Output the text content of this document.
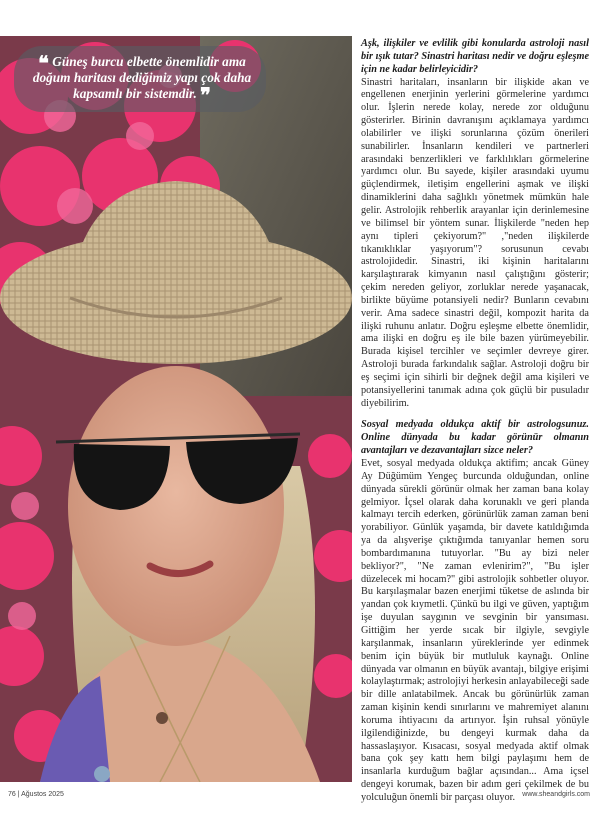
❝ Güneş burcu elbette önemlidir ama doğum haritası dediğimiz yapı çok daha kapsamlı bir sistemdir. ❞
Aşk, ilişkiler ve evlilik gibi konularda astroloji nasıl bir ışık tutar? Sinastri haritası nedir ve doğru eşleşme için ne kadar belirleyicidir?

Sinastri haritaları, insanların bir ilişkide akan ve engellenen enerjinin yerlerini görmelerine yardımcı olur. İşlerin nerede kolay, nerede zor olduğunu gösterirler. Birinin davranışını açıklamaya yardımcı olabilirler ve ilişki sorunlarına çözüm önerileri sunabilirler. İnsanların kendileri ve partnerleri arasındaki benzerlikleri ve farklılıkları görmelerine yardımcı olur. Bu sayede, kişiler arasındaki uyumu güçlendirmek, iletişim engellerini aşmak ve ilişki dinamiklerini daha sağlıklı yönetmek mümkün hale gelir. Astrolojik rehberlik arayanlar için derinlemesine ve bilimsel bir yöntem sunar. İlişkilerde "neden hep aynı tipleri çekiyorum?" ,"neden ilişkilerde tıkanıklıklar yaşıyorum"? sorusunun cevabı astrolojidedir. Sinastri, iki kişinin haritalarını karşılaştırarak kimyanın nasıl çalıştığını gösterir; çekim nereden geliyor, zorluklar nerede yaşanacak, birlikte büyüme potansiyeli nedir? Bunların cevabını verir. Ama sadece sinastri değil, kompozit harita da ilişki ruhunu anlatır. Doğru eşleşme elbette önemlidir, ama ilişki en doğru eş ile bile bazen yürümeyebilir. Burada kişisel tercihler ve seçimler devreye girer. Astroloji burada farkındalık sağlar. Astroloji doğru bir eş seçimi için sihirli bir değnek değil ama kişileri ve potansiyellerini tanımak adına çok güçlü bir pusuladır diyebilirim.

Sosyal medyada oldukça aktif bir astrologsunuz. Online dünyada bu kadar görünür olmanın avantajları ve dezavantajları sizce neler?

Evet, sosyal medyada oldukça aktifim; ancak Güney Ay Düğümüm Yengeç burcunda olduğundan, online dünyada sürekli görünür olmak her zaman bana kolay gelmiyor. İçsel olarak daha korunaklı ve geri planda kalmayı tercih ederken, görünürlük zaman zaman beni yorabiliyor. Günlük yaşamda, bir davete katıldığımda ya da alışverişe çıktığımda tanıyanlar hemen soru bombardımanına tutuyorlar. "Bu ay bizi neler bekliyor?", "Ne zaman evlenirim?", "Bu işler düzelecek mi hocam?" gibi astrolojik sohbetler oluyor. Bu karşılaşmalar bazen enerjimi tüketse de aslında bir yandan çok kıymetli. Çünkü bu ilgi ve güven, yaptığım işe duyulan saygının ve sevginin bir yansıması. Gittiğim her yerde sıcak bir ilgiyle, sevgiyle karşılanmak, insanların yüreklerinde yer edinmek benim için büyük bir mutluluk kaynağı. Online dünyada var olmanın en büyük avantajı, bilgiye erişimi kolaylaştırmak; astrolojiyi herkesin anlayabileceği sade bir dille anlatabilmek. Ancak bu görünürlük zaman zaman kişinin kendi sınırlarını ve mahremiyet alanını koruma ihtiyacını da artırıyor. İşin ruhsal yönüyle ilgilendiğinizde, bu dengeyi kurmak daha da hassaslaşıyor. Kısacası, sosyal medyada aktif olmak bana çok şey kattı hem bilgi paylaşımı hem de insanlarla kurduğum bağlar açısından... Ama içsel dengeyi korumak, bazen bir adım geri çekilmek de bu yolculuğun önemli bir parçası oluyor.

76 | Ağustos 2025	www.sheandgirls.com
